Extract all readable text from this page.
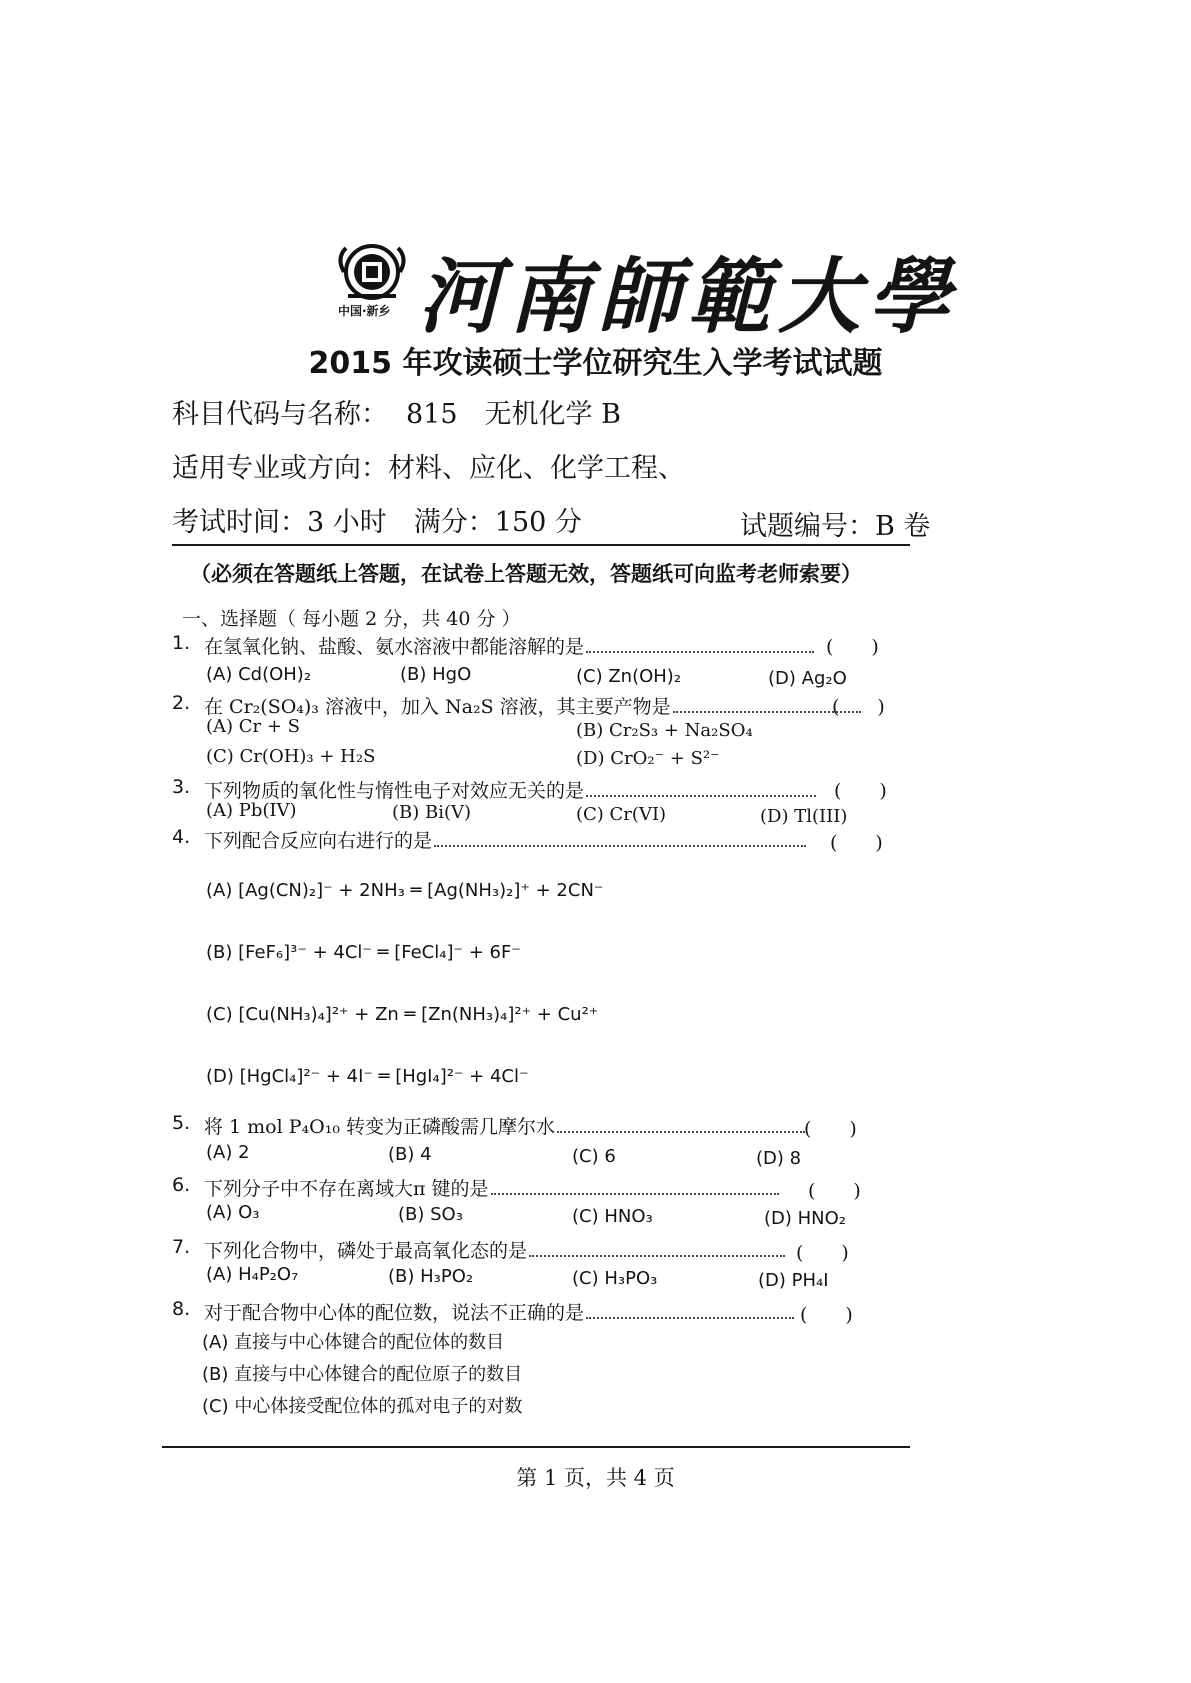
中国·新乡 河南師範大學
2015 年攻读硕士学位研究生入学考试试题
科目代码与名称： 815　无机化学 B
适用专业或方向：材料、应化、化学工程、
考试时间：3 小时　满分：150 分	试题编号：B 卷
（必须在答题纸上答题，在试卷上答题无效，答题纸可向监考老师索要）
一、选择题（ 每小题 2 分，共 40 分 ）
1. 在氢氧化钠、盐酸、氨水溶液中都能溶解的是	(　　)
(A) Cd(OH)₂	(B) HgO	(C) Zn(OH)₂	(D) Ag₂O
2. 在 Cr₂(SO₄)₃ 溶液中，加入 Na₂S 溶液，其主要产物是	(　　)
(A) Cr + S	(B) Cr₂S₃ + Na₂SO₄
(C) Cr(OH)₃ + H₂S	(D) CrO₂⁻ + S²⁻
3. 下列物质的氧化性与惰性电子对效应无关的是	(　　)
(A) Pb(IV)	(B) Bi(V)	(C) Cr(VI)	(D) Tl(III)
4. 下列配合反应向右进行的是	(　　)
(A) [Ag(CN)₂]⁻ + 2NH₃ ═ [Ag(NH₃)₂]⁺ + 2CN⁻
(B) [FeF₆]³⁻ + 4Cl⁻ ═ [FeCl₄]⁻ + 6F⁻
(C) [Cu(NH₃)₄]²⁺ + Zn ═ [Zn(NH₃)₄]²⁺ + Cu²⁺
(D) [HgCl₄]²⁻ + 4I⁻ ═ [HgI₄]²⁻ + 4Cl⁻
5. 将 1 mol P₄O₁₀ 转变为正磷酸需几摩尔水	(　　)
(A) 2	(B) 4	(C) 6	(D) 8
6. 下列分子中不存在离域大π 键的是	(　　)
(A) O₃	(B) SO₃	(C) HNO₃	(D) HNO₂
7. 下列化合物中，磷处于最高氧化态的是	(　　)
(A) H₄P₂O₇	(B) H₃PO₂	(C) H₃PO₃	(D) PH₄I
8. 对于配合物中心体的配位数，说法不正确的是	(　　)
(A) 直接与中心体键合的配位体的数目
(B) 直接与中心体键合的配位原子的数目
(C) 中心体接受配位体的孤对电子的对数
第 1 页，共 4 页
